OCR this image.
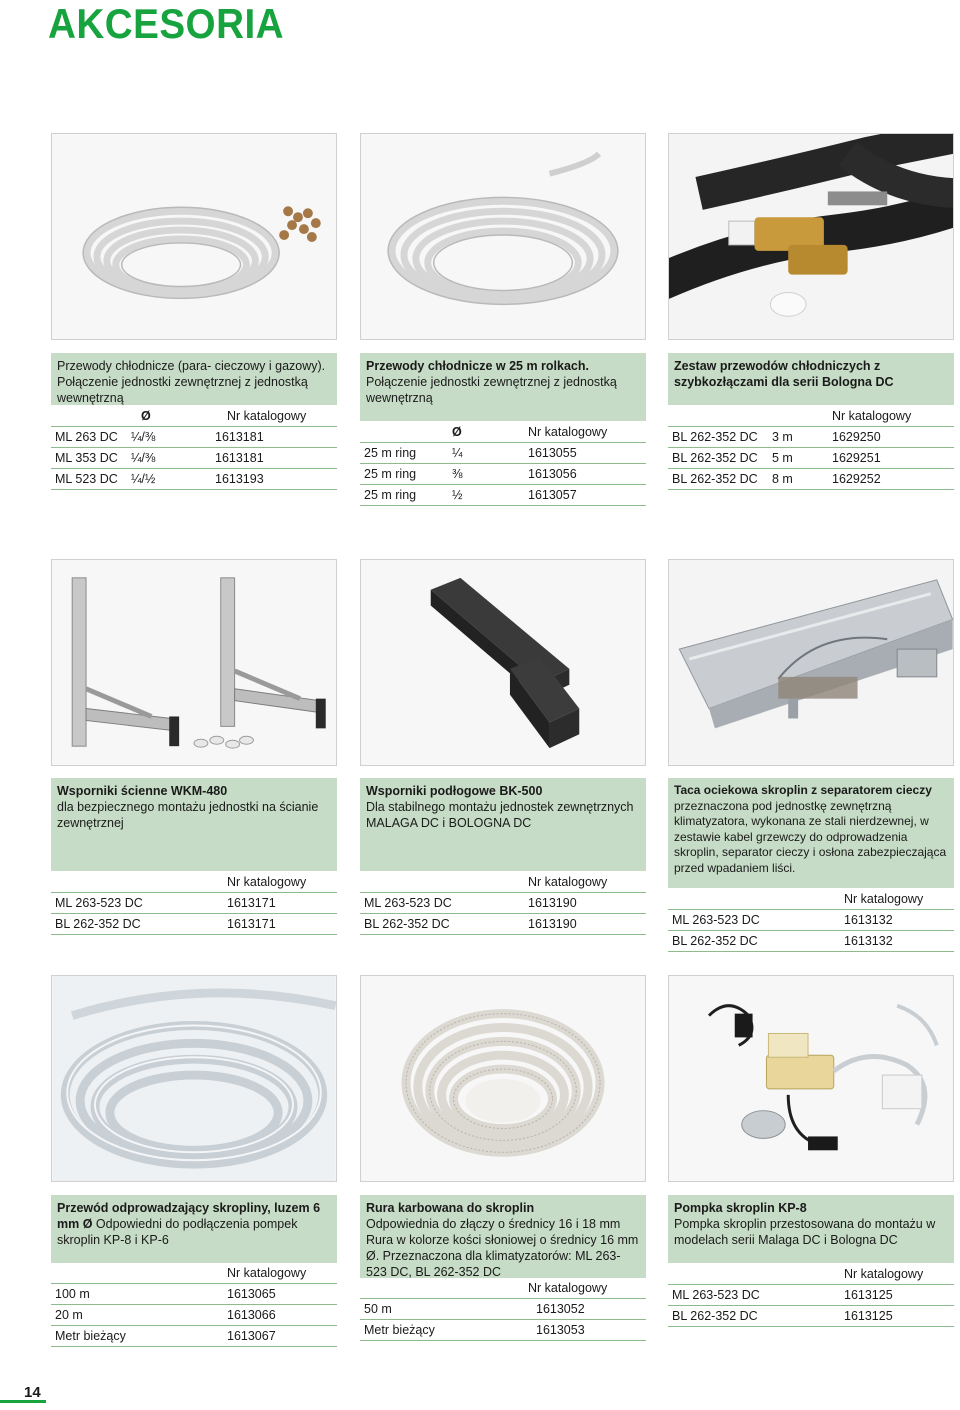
AKCESORIA
Przewody chłodnicze (para- cieczowy i gazowy). Połączenie jednostki zewnętrznej z jednostką wewnętrzną
Ø	Nr katalogowy
ML 263 DC ¼/⅜	1613181
ML 353 DC ¼/⅜	1613181
ML 523 DC ¼/½	1613193
Przewody chłodnicze w 25 m rolkach.
Połączenie jednostki zewnętrznej z jednostką wewnętrzną
Ø	Nr katalogowy
25 m ring	¼	1613055
25 m ring	⅜	1613056
25 m ring	½	1613057
Zestaw przewodów chłodniczych z szybkozłączami dla serii Bologna DC
Nr katalogowy
BL 262-352 DC 3 m	1629250
BL 262-352 DC 5 m	1629251
BL 262-352 DC 8 m	1629252
Wsporniki ścienne WKM-480
dla bezpiecznego montażu jednostki na ścianie zewnętrznej
Nr katalogowy
ML 263-523 DC	1613171
BL 262-352 DC	1613171
Wsporniki podłogowe BK-500
Dla stabilnego montażu jednostek zewnętrznych MALAGA DC i BOLOGNA DC
Nr katalogowy
ML 263-523 DC	1613190
BL 262-352 DC	1613190
Taca ociekowa skroplin z separatorem cieczy przeznaczona pod jednostkę zewnętrzną klimatyzatora, wykonana ze stali nierdzewnej, w zestawie kabel grzewczy do odprowadzenia skroplin, separator cieczy i osłona zabezpieczająca przed wpadaniem liści.
Nr katalogowy
ML 263-523 DC	1613132
BL 262-352 DC	1613132
Przewód odprowadzający skropliny, luzem 6 mm Ø Odpowiedni do podłączenia pompek skroplin KP-8 i KP-6
Nr katalogowy
100 m	1613065
20 m	1613066
Metr bieżący	1613067
Rura karbowana do skroplin
Odpowiednia do złączy o średnicy 16 i 18 mm Rura w kolorze kości słoniowej o średnicy 16 mm Ø. Przeznaczona dla klimatyzatorów: ML 263-523 DC, BL 262-352 DC
Nr katalogowy
50 m	1613052
Metr bieżący	1613053
Pompka skroplin KP-8
Pompka skroplin przestosowana do montażu w modelach serii Malaga DC i Bologna DC
Nr katalogowy
ML 263-523 DC	1613125
BL 262-352 DC	1613125
14
